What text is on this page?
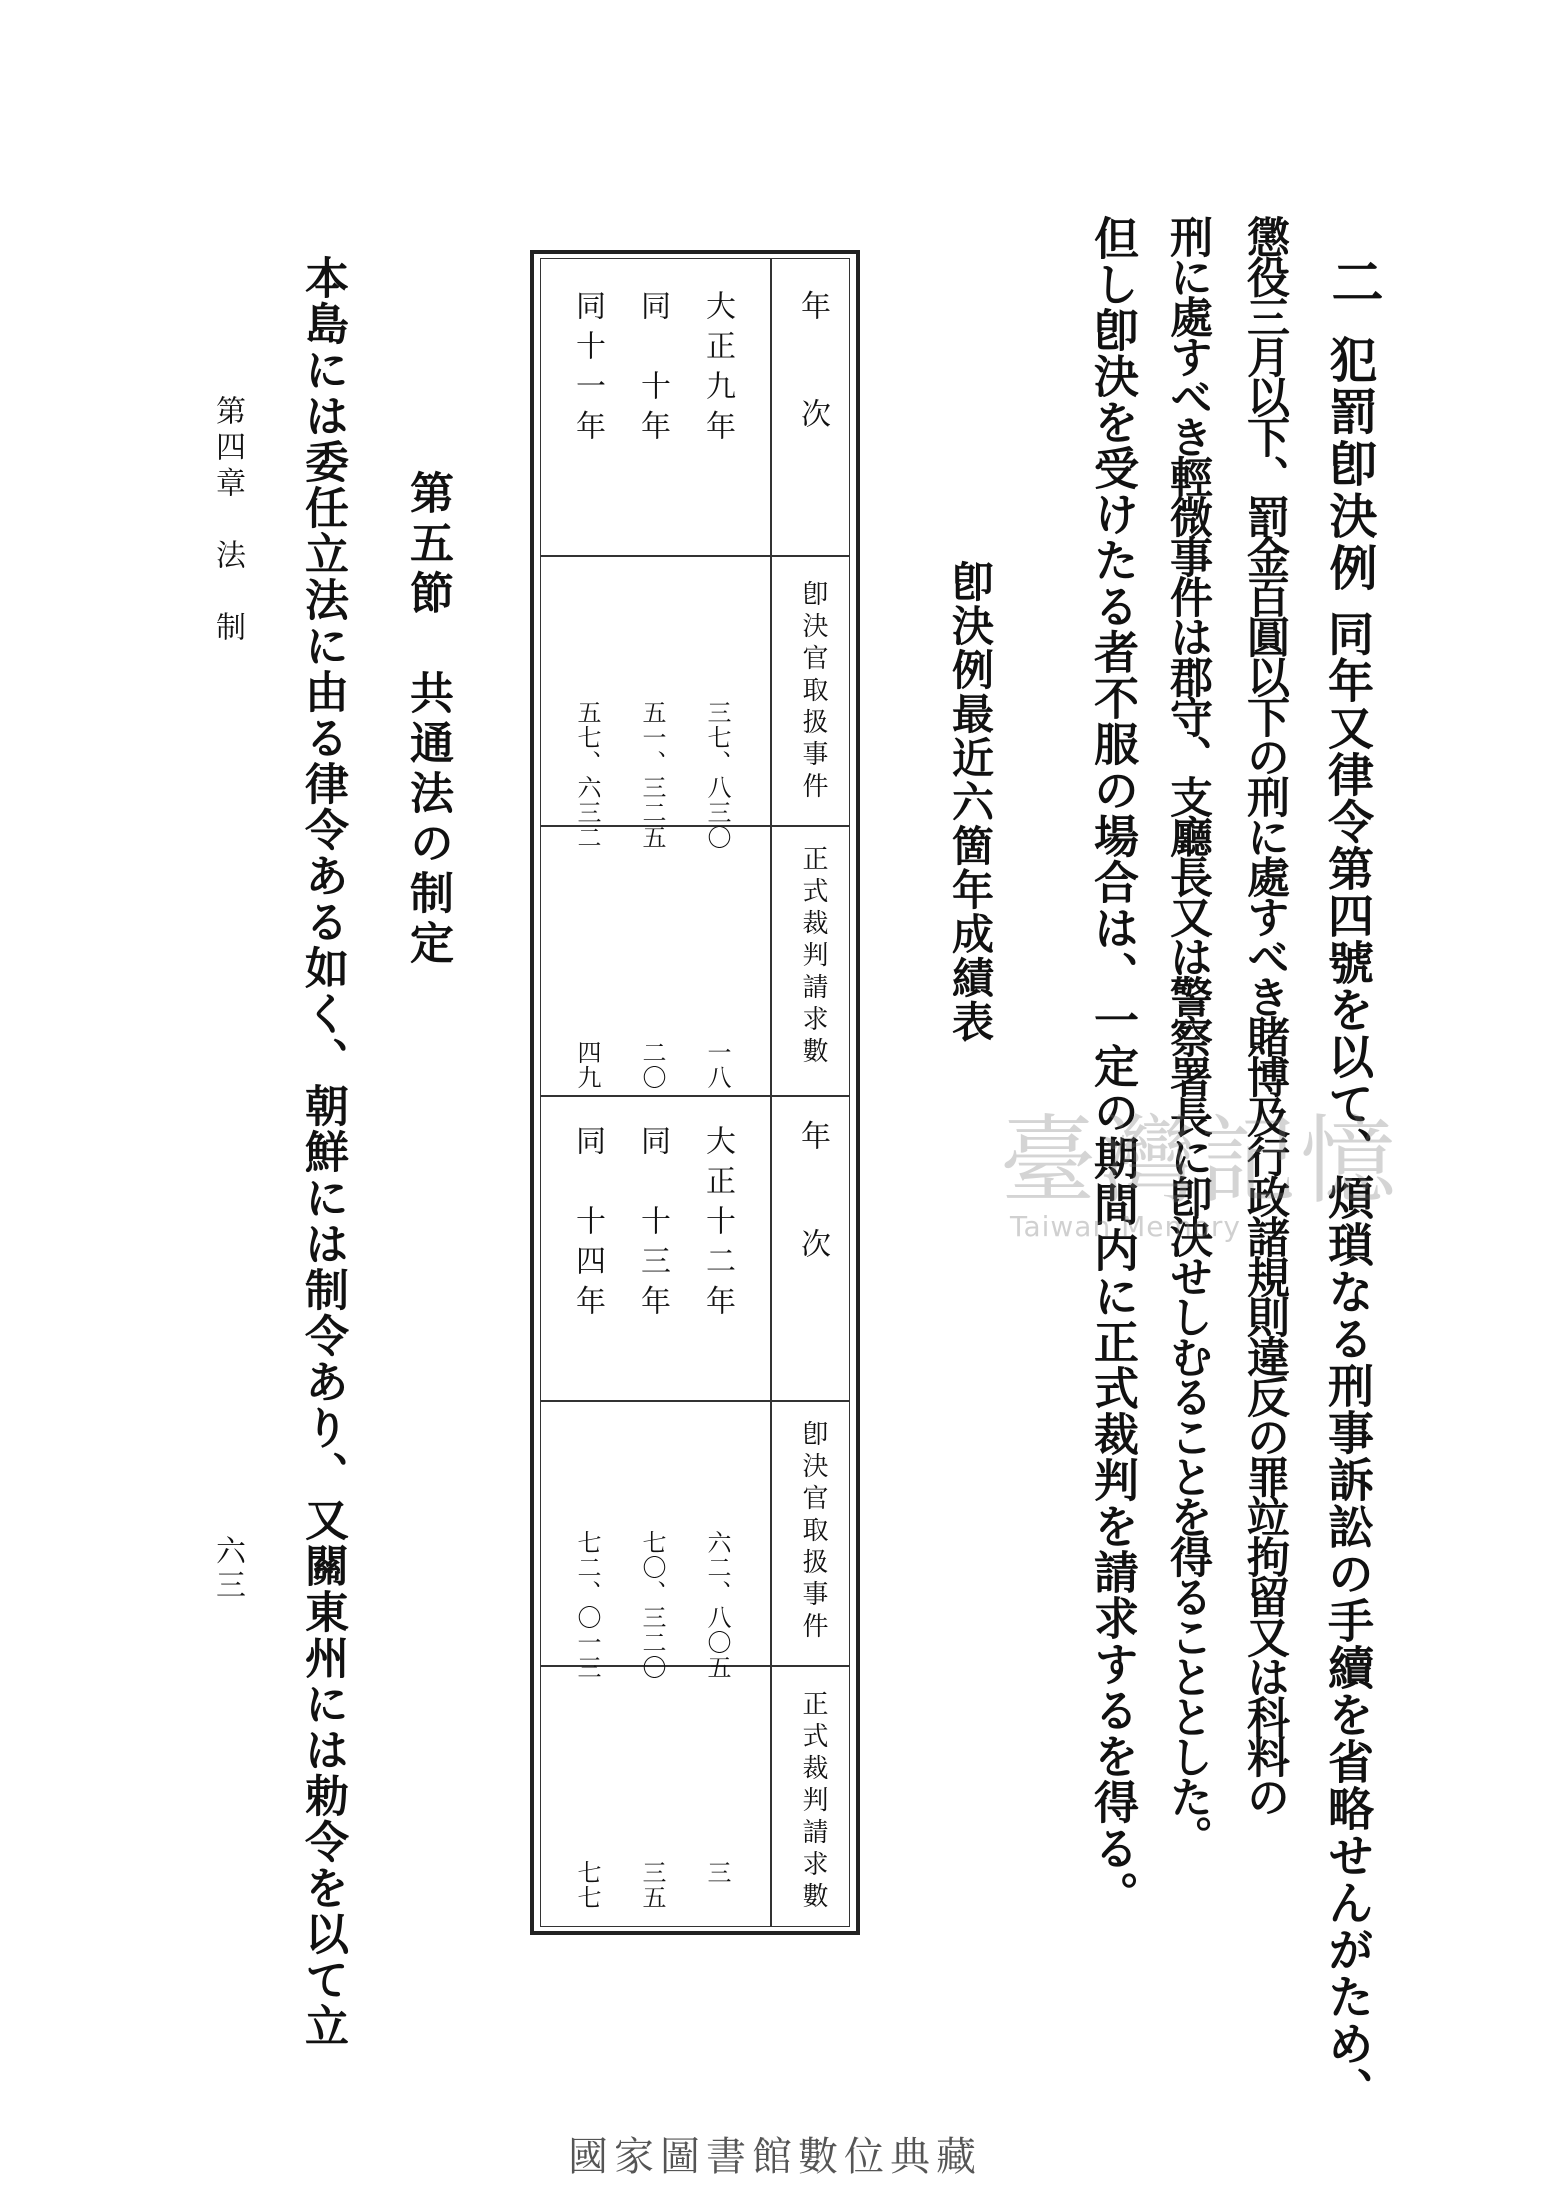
二
犯罰卽決例
同年又律令第四號を以て、煩瑣なる刑事訴訟の手續を省略せんがため、
懲役三月以下、罰金百圓以下の刑に處すべき賭博及行政諸規則違反の罪竝拘留又は科料の
刑に處すべき輕微事件は郡守、支廳長又は警察署長に卽決せしむることを得ることとした。
但し卽決を受けたる者不服の場合は、一定の期間内に正式裁判を請求するを得る。
卽決例最近六箇年成績表
年　次
卽決官取扱事件
正式裁判請求數
大正九年
同　十年
同十一年
三七、八三〇
五一、三二五
五七、六三二
一八
二〇
四九
年　次
卽決官取扱事件
正式裁判請求數
大正十二年
同　十三年
同　十四年
六二、八〇五
七〇、三二〇
七二、〇一三
三
三五
七七
第五節　共通法の制定
本島には委任立法に由る律令ある如く、朝鮮には制令あり、又關東州には勅令を以て立
第四章　法　制
六三
臺灣記憶
Taiwan Memory
國家圖書館數位典藏
